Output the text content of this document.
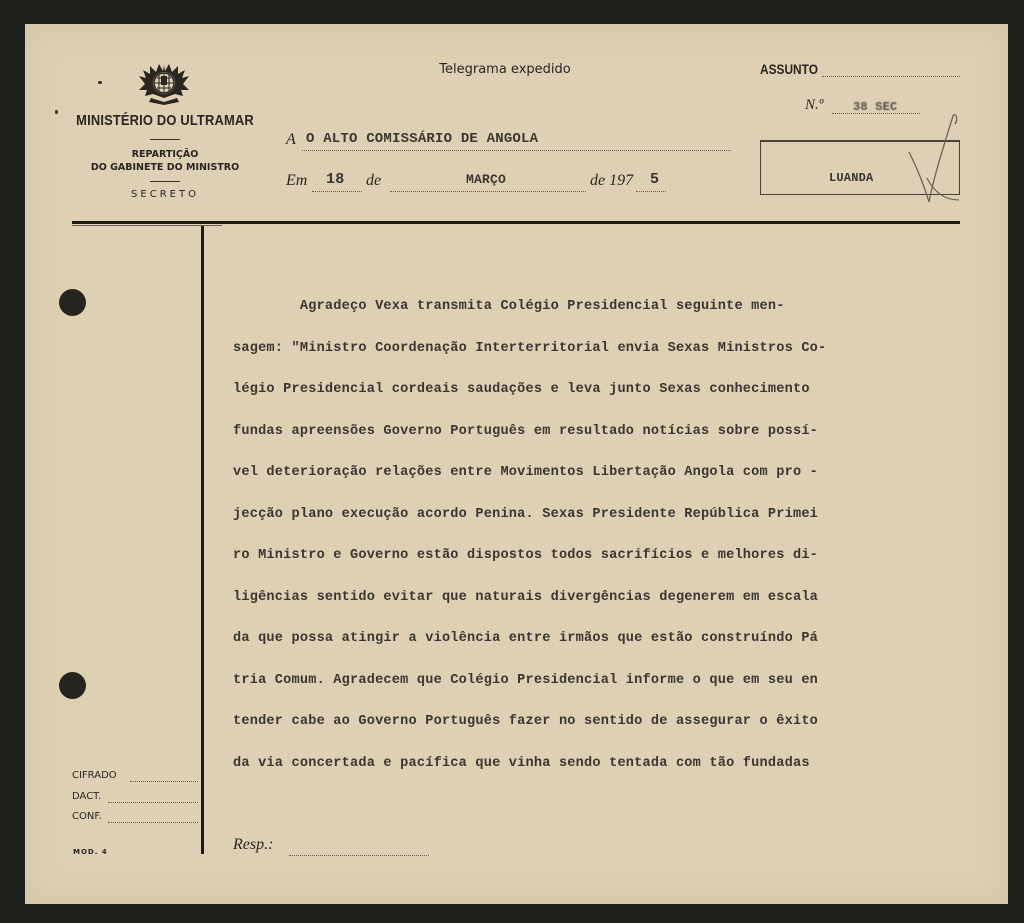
MINISTÉRIO DO ULTRAMAR
REPARTIÇÃO
DO GABINETE DO MINISTRO
SECRETO
Telegrama expedido
A O ALTO COMISSÁRIO DE ANGOLA
Em 18 de	MARÇO	de 197 5
ASSUNTO
N.º 38 SEC
LUANDA
Agradeço Vexa transmita Colégio Presidencial seguinte men-
sagem: "Ministro Coordenação Interterritorial envia Sexas Ministros Co-
légio Presidencial cordeais saudações e leva junto Sexas conhecimento
fundas apreensões Governo Português em resultado notícias sobre possí-
vel deterioração relações entre Movimentos Libertação Angola com pro -
jecção plano execução acordo Penina. Sexas Presidente República Primei
ro Ministro e Governo estão dispostos todos sacrifícios e melhores di-
ligências sentido evitar que naturais divergências degenerem em escala
da que possa atingir a violência entre irmãos que estão construíndo Pá
tria Comum. Agradecem que Colégio Presidencial informe o que em seu en
tender cabe ao Governo Português fazer no sentido de assegurar o êxito
da via concertada e pacífica que vinha sendo tentada com tão fundadas
CIFRADO
DACT.
CONF.
MOD. 4	Resp.:
